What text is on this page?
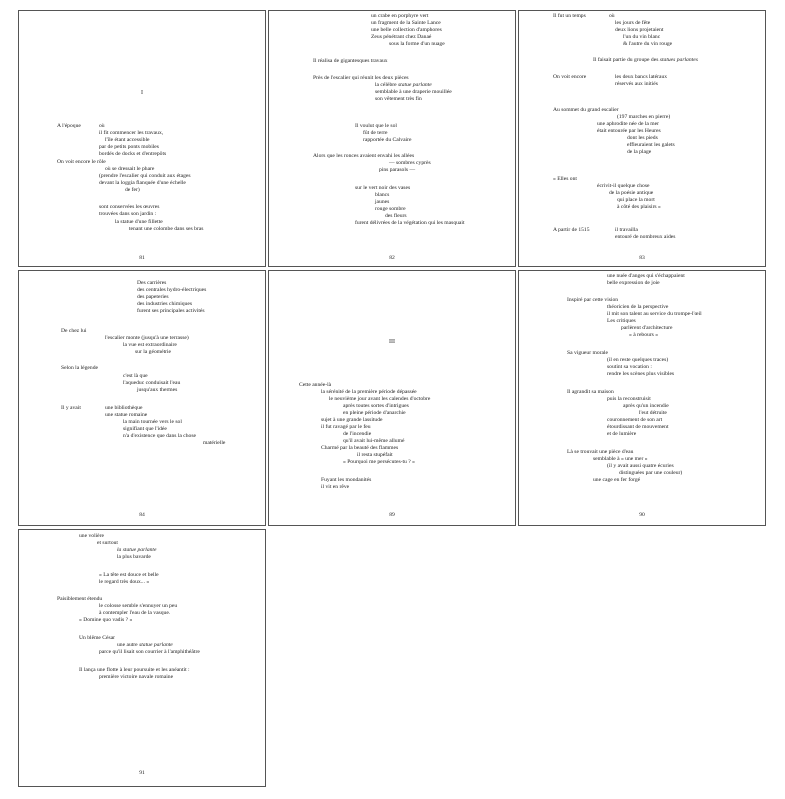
I
A l'époque	où
il fit commencer les travaux,
l'île étant accessible
par de petits ponts mobiles
bordés de docks et d'entrepôts
On voit encore le rôle
où se dressait le phare
(prendre l'escalier qui conduit aux étages
devant la loggia flanquée d'une échelle
de fer)
sont conservées les œuvres
trouvées dans son jardin :
la statue d'une fillette
tenant une colombe dans ses bras
81
un crabe en porphyre vert
un fragment de la Sainte Lance
une belle collection d'amphores
Zeus pénétrant chez Danaé
sous la forme d'un nuage
Il réalisa de gigantesques travaux
Près de l'escalier qui réunit les deux pièces
la célèbre statue parlante
semblable à une draperie mouillée
son vêtement très fin
Il voulut que le sol
fût de terre
rapportée du Calvaire
Alors que les ronces avaient envahi les allées
— sombres cyprès
pins parasols —
sur le vert noir des vases
blancs
jaunes
rouge sombre
des fleurs
furent délivrées de la végétation qui les masquait
82
Il fut un temps	où
les jours de fête
deux lions projetaient
l'un du vin blanc
& l'autre du vin rouge
Il faisait partie du groupe des statues parlantes
On voit encore	les deux bancs latéraux
réservés aux initiés
Au sommet du grand escalier
(197 marches en pierre)
une aphrodite née de la mer
était entourée par les Heures
dont les pieds
effleuraient les galets
de la plage
« Elles ont
écrivit-il quelque chose
de la poésie antique
qui place la mort
à côté des plaisirs »
A partir de 1515	il travailla
entouré de nombreux aides
83
Des carrières
des centrales hydro-électriques
des papeteries
des industries chimiques
furent ses principales activités
De chez lui
l'escalier monte (jusqu'à une terrasse)
la vue est extraordinaire
sur la géométrie
Selon la légende
c'est là que
l'aqueduc conduisait l'eau
jusqu'aux thermes
Il y avait	une bibliothèque
une statue romaine
la main tournée vers le sol
signifiant que l'idée
n'a d'existence que dans la chose
matérielle
84
III
Cette année-là
la sérénité de la première période dépassée
le neuvième jour avant les calendes d'octobre
après toutes sortes d'intrigues
en pleine période d'anarchie
sujet à une grande lassitude
il fut ravagé par le feu
de l'incendie
qu'il avait lui-même allumé
Charmé par la beauté des flammes
il resta stupéfait
« Pourquoi me persécutes-tu ? »
Fuyant les mondanités
il vit en rêve
89
une nuée d'anges qui s'échappaient
belle expression de joie
Inspiré par cette vision
théoricien de la perspective
il mit son talent au service du trompe-l'œil
Les critiques
parlèrent d'architecture
« à rebours »
Sa vigueur morale
(il en reste quelques traces)
soutint sa vocation :
rendre les scènes plus visibles
Il agrandit sa maison
puis la reconstruisit
après qu'un incendie
l'eut détruite
couronnement de son art
étourdissant de mouvement
et de lumière
Là se trouvait une pièce d'eau
semblable à « une mer »
(il y avait aussi quatre écuries
distinguées par une couleur)
une cage en fer forgé
90
une volière
et surtout
la statue parlante
la plus bavarde
« La tête est douce et belle
le regard très doux... »
Paisiblement étendu
le colosse semble s'ennuyer un peu
à contempler l'eau de la vasque.
« Domine quo vadis ? »
Un blême César
une autre statue parlante
parce qu'il lisait son courrier à l'amphithéâtre
Il lança une flotte à leur poursuite et les anéantit :
première victoire navale romaine
91
